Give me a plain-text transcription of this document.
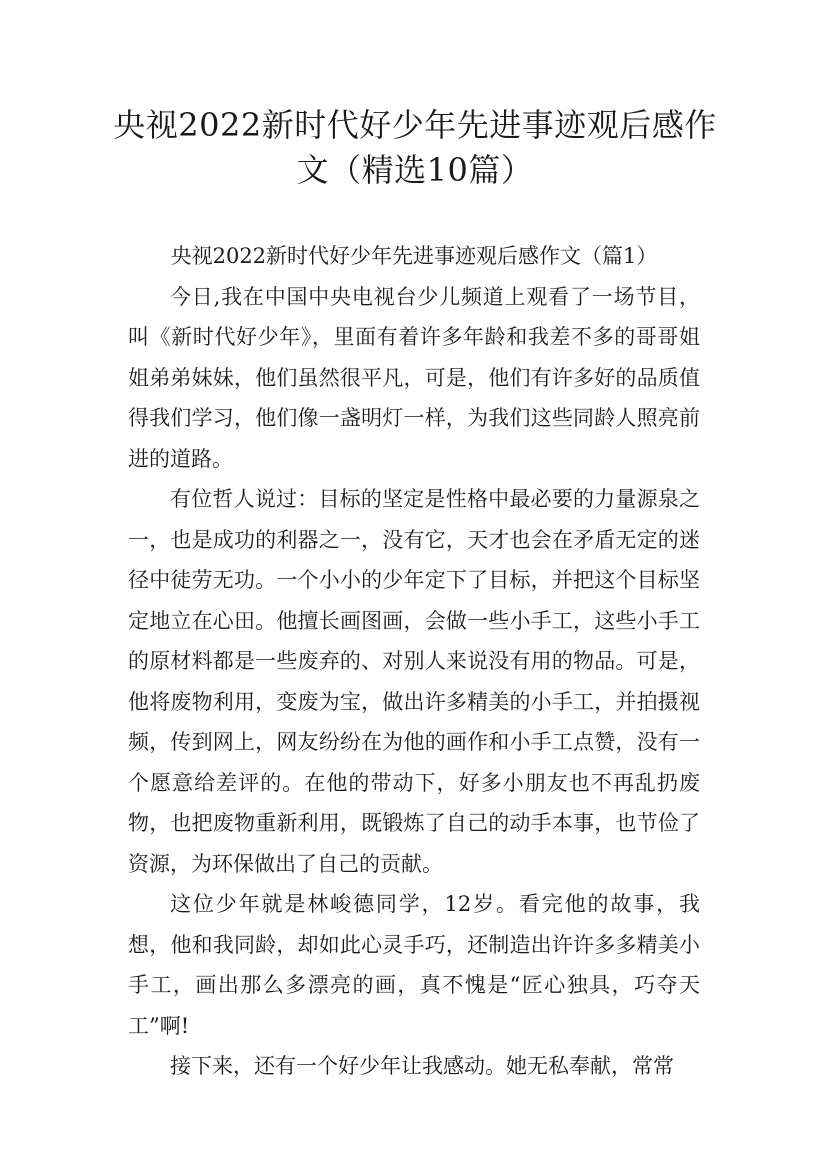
央视2022新时代好少年先进事迹观后感作文（精选10篇）

央视2022新时代好少年先进事迹观后感作文（篇1）

今日,我在中国中央电视台少儿频道上观看了一场节目，叫《新时代好少年》，里面有着许多年龄和我差不多的哥哥姐姐弟弟妹妹，他们虽然很平凡，可是，他们有许多好的品质值得我们学习，他们像一盏明灯一样，为我们这些同龄人照亮前进的道路。

有位哲人说过：目标的坚定是性格中最必要的力量源泉之一，也是成功的利器之一，没有它，天才也会在矛盾无定的迷径中徒劳无功。一个小小的少年定下了目标，并把这个目标坚定地立在心田。他擅长画图画，会做一些小手工，这些小手工的原材料都是一些废弃的、对别人来说没有用的物品。可是，他将废物利用，变废为宝，做出许多精美的小手工，并拍摄视频，传到网上，网友纷纷在为他的画作和小手工点赞，没有一个愿意给差评的。在他的带动下，好多小朋友也不再乱扔废物，也把废物重新利用，既锻炼了自己的动手本事，也节俭了资源，为环保做出了自己的贡献。

这位少年就是林峻德同学，12岁。看完他的故事，我想，他和我同龄，却如此心灵手巧，还制造出许许多多精美小手工，画出那么多漂亮的画，真不愧是“匠心独具，巧夺天工”啊!

接下来，还有一个好少年让我感动。她无私奉献，常常
